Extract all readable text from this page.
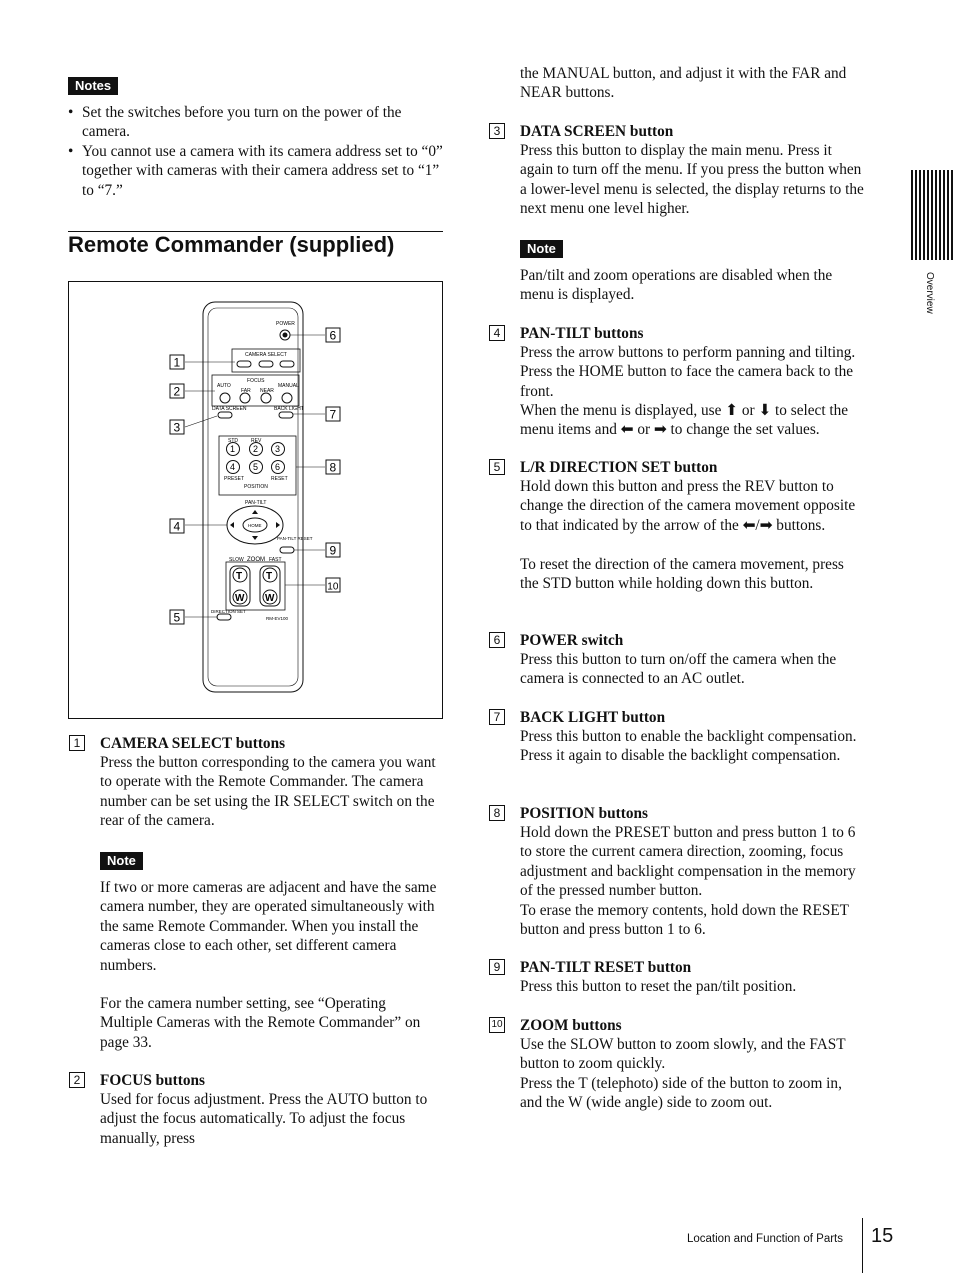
Notes
• Set the switches before you turn on the power of the camera.
• You cannot use a camera with its camera address set to “0” together with cameras with their camera address set to “1” to “7.”
Remote Commander (supplied)
POWER
CAMERA SELECT
FOCUS
AUTO
FAR NEAR
MANUAL
DATA SCREEN	BACK LIGHT
STD	REV
1 2 3
4 5 6
PRESET	RESET
POSITION
PAN-TILT
HOME
PAN-TILT RESET
SLOW ZOOM FAST
T
W
T
W
DIRECTION SET
RM-EV100
1
2
3
4
5
6
7
8
9
10
1	CAMERA SELECT buttons
Press the button corresponding to the camera you want to operate with the Remote Commander. The camera number can be set using the IR SELECT switch on the rear of the camera.
Note
If two or more cameras are adjacent and have the same camera number, they are operated simultaneously with the same Remote Commander. When you install the cameras close to each other, set different camera numbers.
For the camera number setting, see “Operating Multiple Cameras with the Remote Commander” on page 33.
2	FOCUS buttons
Used for focus adjustment. Press the AUTO button to adjust the focus automatically. To adjust the focus manually, press
the MANUAL button, and adjust it with the FAR and NEAR buttons.
3	DATA SCREEN button
Press this button to display the main menu. Press it again to turn off the menu. If you press the button when a lower-level menu is selected, the display returns to the next menu one level higher.
Note
Pan/tilt and zoom operations are disabled when the menu is displayed.
4	PAN-TILT buttons
Press the arrow buttons to perform panning and tilting. Press the HOME button to face the camera back to the front.
When the menu is displayed, use ⬆ or ⬇ to select the menu items and ⬅ or ➡ to change the set values.
5	L/R DIRECTION SET button
Hold down this button and press the REV button to change the direction of the camera movement opposite to that indicated by the arrow of the ⬅/➡ buttons.
To reset the direction of the camera movement, press the STD button while holding down this button.
6	POWER switch
Press this button to turn on/off the camera when the camera is connected to an AC outlet.
7	BACK LIGHT button
Press this button to enable the backlight compensation. Press it again to disable the backlight compensation.
8	POSITION buttons
Hold down the PRESET button and press button 1 to 6 to store the current camera direction, zooming, focus adjustment and backlight compensation in the memory of the pressed number button.
To erase the memory contents, hold down the RESET button and press button 1 to 6.
9	PAN-TILT RESET button
Press this button to reset the pan/tilt position.
10 ZOOM buttons
Use the SLOW button to zoom slowly, and the FAST button to zoom quickly.
Press the T (telephoto) side of the button to zoom in, and the W (wide angle) side to zoom out.
Overview
Location and Function of Parts 15
